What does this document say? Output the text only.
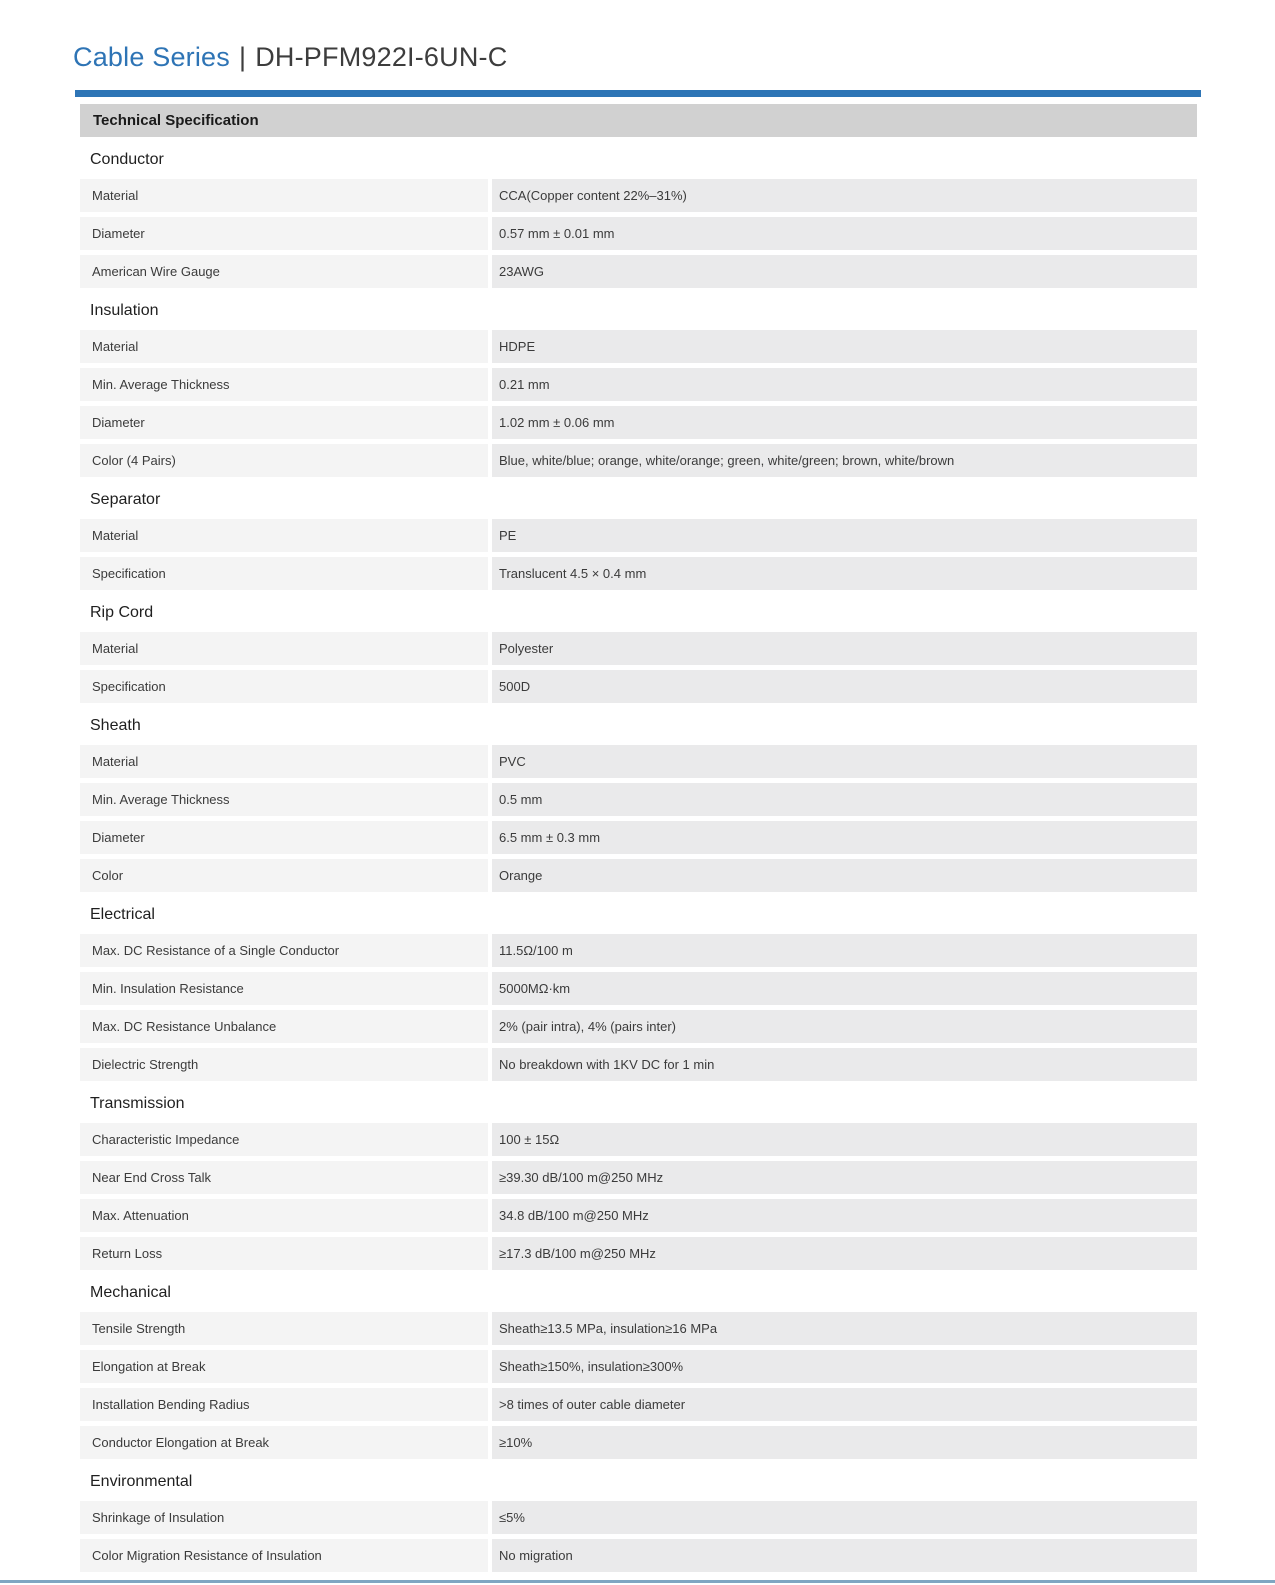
Cable Series | DH-PFM922I-6UN-C
Technical Specification
Conductor
Material	CCA(Copper content 22%–31%)
Diameter	0.57 mm ± 0.01 mm
American Wire Gauge	23AWG
Insulation
Material	HDPE
Min. Average Thickness	0.21 mm
Diameter	1.02 mm ± 0.06 mm
Color (4 Pairs)	Blue, white/blue; orange, white/orange; green, white/green; brown, white/brown
Separator
Material	PE
Specification	Translucent 4.5 × 0.4 mm
Rip Cord
Material	Polyester
Specification	500D
Sheath
Material	PVC
Min. Average Thickness	0.5 mm
Diameter	6.5 mm ± 0.3 mm
Color	Orange
Electrical
Max. DC Resistance of a Single Conductor	11.5Ω/100 m
Min. Insulation Resistance	5000MΩ·km
Max. DC Resistance Unbalance	2% (pair intra), 4% (pairs inter)
Dielectric Strength	No breakdown with 1KV DC for 1 min
Transmission
Characteristic Impedance	100 ± 15Ω
Near End Cross Talk	≥39.30 dB/100 m@250 MHz
Max. Attenuation	34.8 dB/100 m@250 MHz
Return Loss	≥17.3 dB/100 m@250 MHz
Mechanical
Tensile Strength	Sheath≥13.5 MPa, insulation≥16 MPa
Elongation at Break	Sheath≥150%, insulation≥300%
Installation Bending Radius	>8 times of outer cable diameter
Conductor Elongation at Break	≥10%
Environmental
Shrinkage of Insulation	≤5%
Color Migration Resistance of Insulation	No migration
